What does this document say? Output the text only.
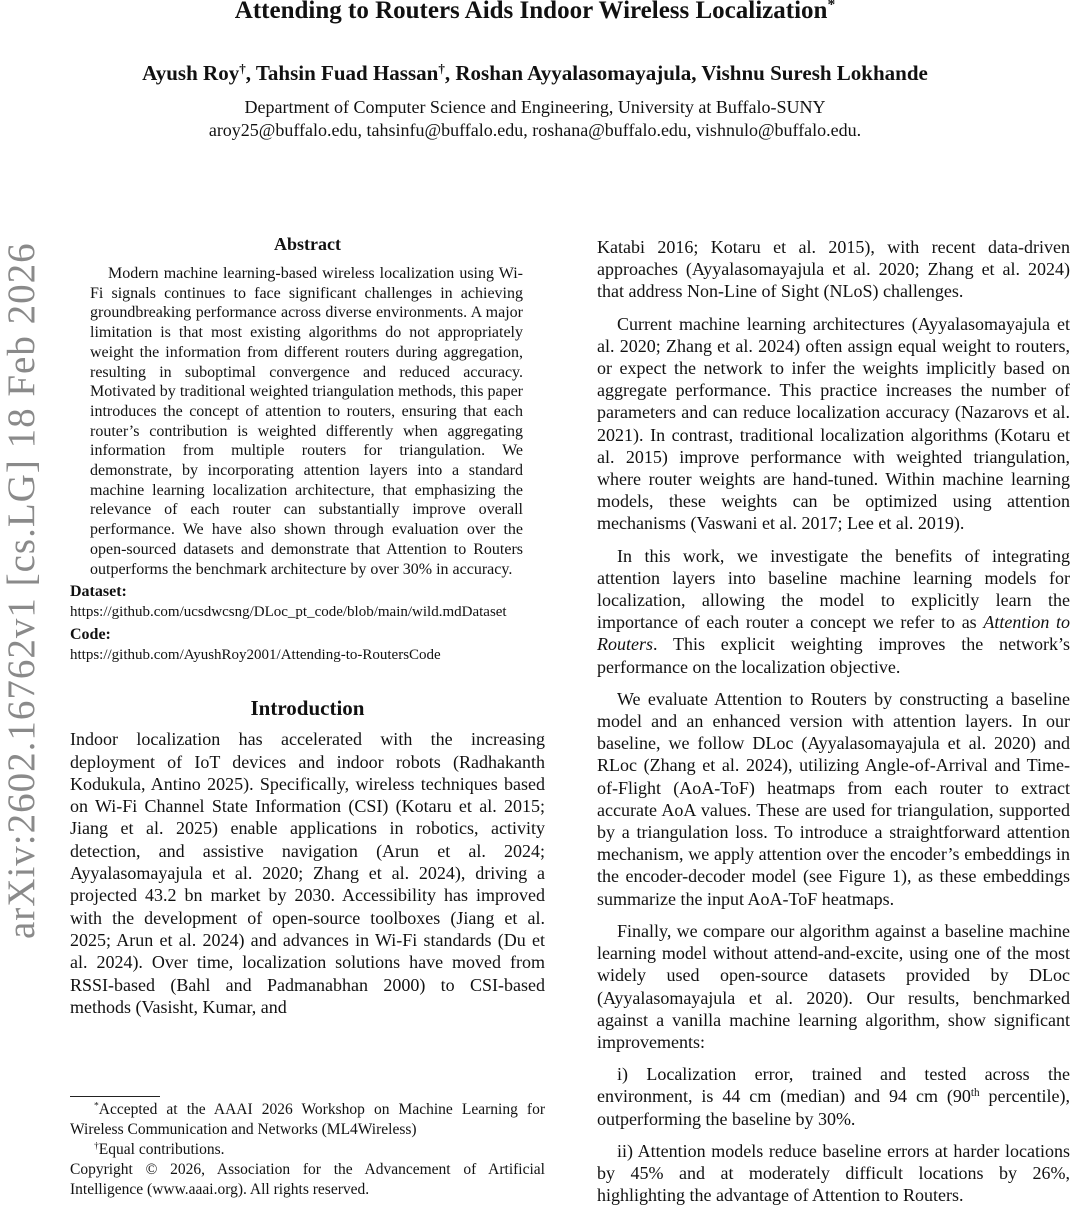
arXiv:2602.16762v1 [cs.LG] 18 Feb 2026
Attending to Routers Aids Indoor Wireless Localization*
Ayush Roy†, Tahsin Fuad Hassan†, Roshan Ayyalasomayajula, Vishnu Suresh Lokhande
Department of Computer Science and Engineering, University at Buffalo-SUNY
aroy25@buffalo.edu, tahsinfu@buffalo.edu, roshana@buffalo.edu, vishnulo@buffalo.edu.
Abstract

Modern machine learning-based wireless localization using Wi-Fi signals continues to face significant challenges in achieving groundbreaking performance across diverse environments. A major limitation is that most existing algorithms do not appropriately weight the information from different routers during aggregation, resulting in suboptimal convergence and reduced accuracy. Motivated by traditional weighted triangulation methods, this paper introduces the concept of attention to routers, ensuring that each router’s contribution is weighted differently when aggregating information from multiple routers for triangulation. We demonstrate, by incorporating attention layers into a standard machine learning localization architecture, that emphasizing the relevance of each router can substantially improve overall performance. We have also shown through evaluation over the open-sourced datasets and demonstrate that Attention to Routers outperforms the benchmark architecture by over 30% in accuracy.

Dataset:
https://github.com/ucsdwcsng/DLoc_pt_code/blob/main/wild.mdDataset
Code:
https://github.com/AyushRoy2001/Attending-to-RoutersCode
Introduction

Indoor localization has accelerated with the increasing deployment of IoT devices and indoor robots (Radhakanth Kodukula, Antino 2025). Specifically, wireless techniques based on Wi-Fi Channel State Information (CSI) (Kotaru et al. 2015; Jiang et al. 2025) enable applications in robotics, activity detection, and assistive navigation (Arun et al. 2024; Ayyalasomayajula et al. 2020; Zhang et al. 2024), driving a projected 43.2 bn market by 2030. Accessibility has improved with the development of open-source toolboxes (Jiang et al. 2025; Arun et al. 2024) and advances in Wi-Fi standards (Du et al. 2024). Over time, localization solutions have moved from RSSI-based (Bahl and Padmanabhan 2000) to CSI-based methods (Vasisht, Kumar, and

Katabi 2016; Kotaru et al. 2015), with recent data-driven approaches (Ayyalasomayajula et al. 2020; Zhang et al. 2024) that address Non-Line of Sight (NLoS) challenges.

Current machine learning architectures (Ayyalasomayajula et al. 2020; Zhang et al. 2024) often assign equal weight to routers, or expect the network to infer the weights implicitly based on aggregate performance. This practice increases the number of parameters and can reduce localization accuracy (Nazarovs et al. 2021). In contrast, traditional localization algorithms (Kotaru et al. 2015) improve performance with weighted triangulation, where router weights are hand-tuned. Within machine learning models, these weights can be optimized using attention mechanisms (Vaswani et al. 2017; Lee et al. 2019).

In this work, we investigate the benefits of integrating attention layers into baseline machine learning models for localization, allowing the model to explicitly learn the importance of each router a concept we refer to as Attention to Routers. This explicit weighting improves the network’s performance on the localization objective.

We evaluate Attention to Routers by constructing a baseline model and an enhanced version with attention layers. In our baseline, we follow DLoc (Ayyalasomayajula et al. 2020) and RLoc (Zhang et al. 2024), utilizing Angle-of-Arrival and Time-of-Flight (AoA-ToF) heatmaps from each router to extract accurate AoA values. These are used for triangulation, supported by a triangulation loss. To introduce a straightforward attention mechanism, we apply attention over the encoder’s embeddings in the encoder-decoder model (see Figure 1), as these embeddings summarize the input AoA-ToF heatmaps.

Finally, we compare our algorithm against a baseline machine learning model without attend-and-excite, using one of the most widely used open-source datasets provided by DLoc (Ayyalasomayajula et al. 2020). Our results, benchmarked against a vanilla machine learning algorithm, show significant improvements:

i) Localization error, trained and tested across the environment, is 44 cm (median) and 94 cm (90th percentile), outperforming the baseline by 30%.

ii) Attention models reduce baseline errors at harder locations by 45% and at moderately difficult locations by 26%, highlighting the advantage of Attention to Routers.

*Accepted at the AAAI 2026 Workshop on Machine Learning for Wireless Communication and Networks (ML4Wireless)

†Equal contributions.

Copyright © 2026, Association for the Advancement of Artificial Intelligence (www.aaai.org). All rights reserved.
